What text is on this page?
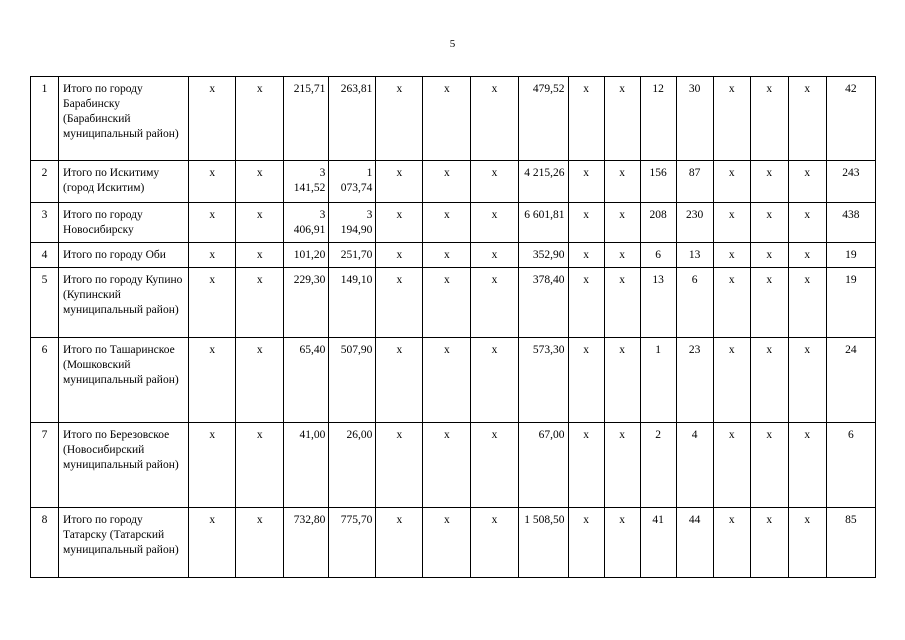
5
1	Итого по городу Барабинску (Барабинский муниципальный район)	x	x	215,71	263,81	x	x	x	479,52	x	x	12	30	x	x	x	42
2	Итого по Искитиму (город Искитим)	x	x	3 141,52	1 073,74	x	x	x	4 215,26	x	x	156	87	x	x	x	243
3	Итого по городу Новосибирску	x	x	3 406,91	3 194,90	x	x	x	6 601,81	x	x	208	230	x	x	x	438
4	Итого по городу Оби	x	x	101,20	251,70	x	x	x	352,90	x	x	6	13	x	x	x	19
5	Итого по городу Купино (Купинский муниципальный район)	x	x	229,30	149,10	x	x	x	378,40	x	x	13	6	x	x	x	19
6	Итого по Ташаринское (Мошковский муниципальный район)	x	x	65,40	507,90	x	x	x	573,30	x	x	1	23	x	x	x	24
7	Итого по Березовское (Новосибирский муниципальный район)	x	x	41,00	26,00	x	x	x	67,00	x	x	2	4	x	x	x	6
8	Итого по городу Татарску (Татарский муниципальный район)	x	x	732,80	775,70	x	x	x	1 508,50	x	x	41	44	x	x	x	85
